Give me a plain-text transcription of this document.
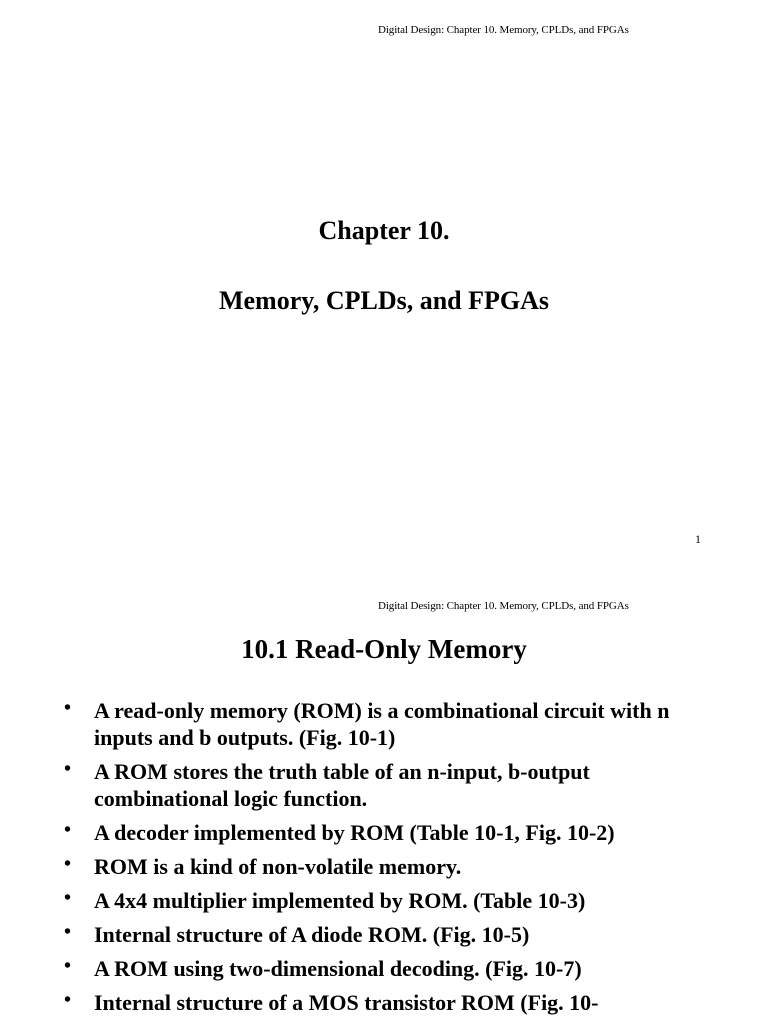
Digital Design: Chapter 10. Memory, CPLDs, and FPGAs
Chapter 10.
Memory, CPLDs, and FPGAs
1
Digital Design: Chapter 10. Memory, CPLDs, and FPGAs
10.1 Read-Only Memory
• A read-only memory (ROM) is a combinational circuit with n inputs and b outputs. (Fig. 10-1)
• A ROM stores the truth table of an n-input, b-output combinational logic function.
• A decoder implemented by ROM (Table 10-1, Fig. 10-2)
• ROM is a kind of non-volatile memory.
• A 4x4 multiplier implemented by ROM. (Table 10-3)
• Internal structure of A diode ROM. (Fig. 10-5)
• A ROM using two-dimensional decoding. (Fig. 10-7)
• Internal structure of a MOS transistor ROM (Fig. 10-
